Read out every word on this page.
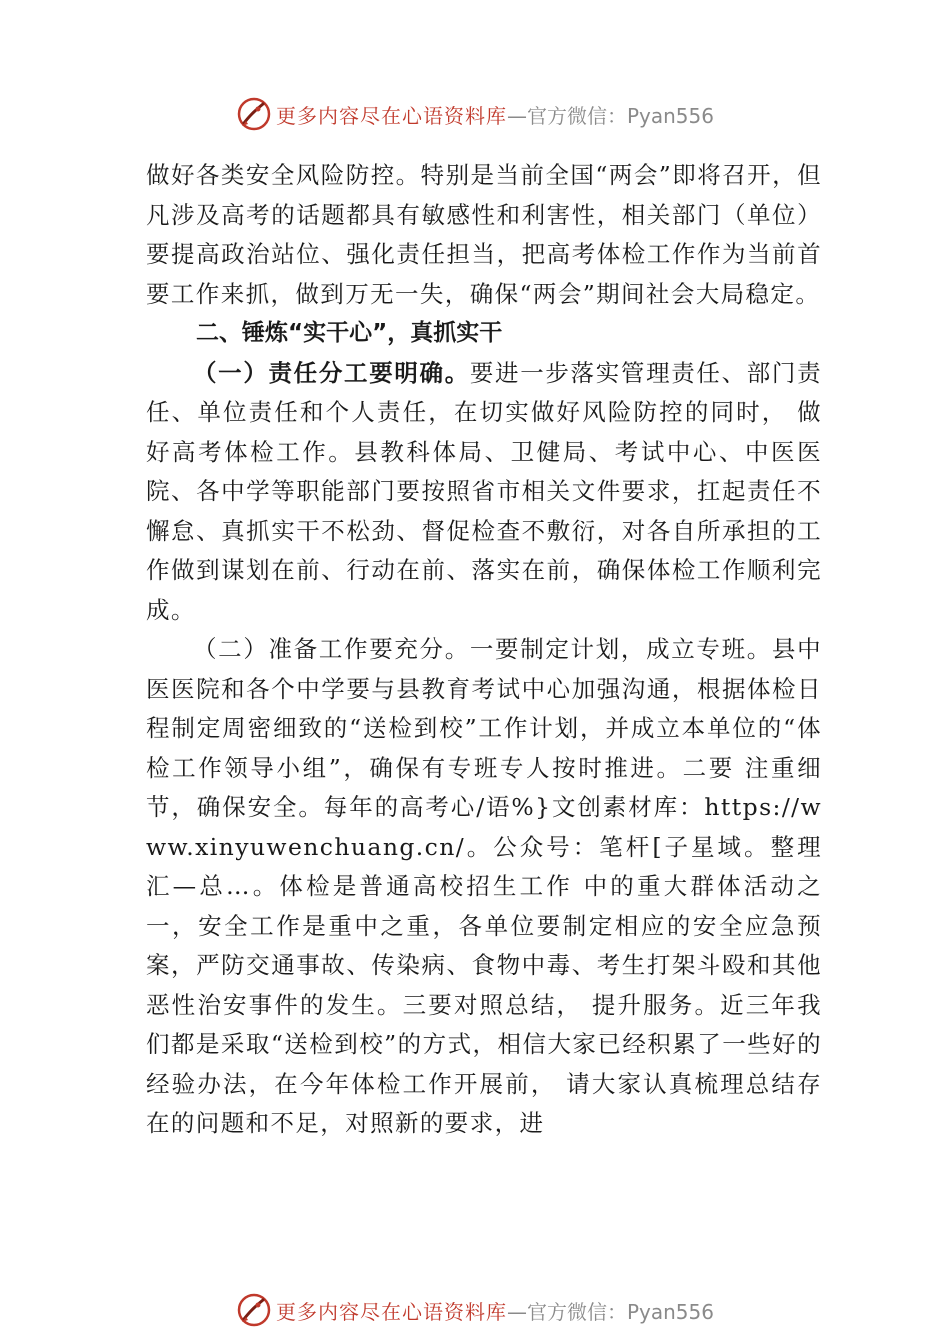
更多内容尽在心语资料库 —官方微信：Pyan556

做好各类安全风险防控。特别是当前全国“两会”即将召开，但凡涉及高考的话题都具有敏感性和利害性，相关部门（单位）要提高政治站位、强化责任担当，把高考体检工作作为当前首要工作来抓，做到万无一失，确保“两会”期间社会大局稳定。

二、锤炼“实干心”，真抓实干

（一）责任分工要明确。要进一步落实管理责任、部门责任、单位责任和个人责任，在切实做好风险防控的同时， 做好高考体检工作。县教科体局、卫健局、考试中心、中医医院、各中学等职能部门要按照省市相关文件要求，扛起责任不懈怠、真抓实干不松劲、督促检查不敷衍，对各自所承担的工作做到谋划在前、行动在前、落实在前，确保体检工作顺利完成。

（二）准备工作要充分。一要制定计划，成立专班。县中医医院和各个中学要与县教育考试中心加强沟通，根据体检日程制定周密细致的“送检到校”工作计划，并成立本单位的“体检工作领导小组”，确保有专班专人按时推进。二要 注重细节，确保安全。每年的高考心/语%}文创素材库：https://www.xinyuwenchuang.cn/。公众号：笔杆[子星域。整理汇—总…。体检是普通高校招生工作 中的重大群体活动之一，安全工作是重中之重，各单位要制定相应的安全应急预案，严防交通事故、传染病、食物中毒、考生打架斗殴和其他恶性治安事件的发生。三要对照总结， 提升服务。近三年我们都是采取“送检到校”的方式，相信大家已经积累了一些好的经验办法，在今年体检工作开展前， 请大家认真梳理总结存在的问题和不足，对照新的要求，进

更多内容尽在心语资料库 —官方微信：Pyan556
